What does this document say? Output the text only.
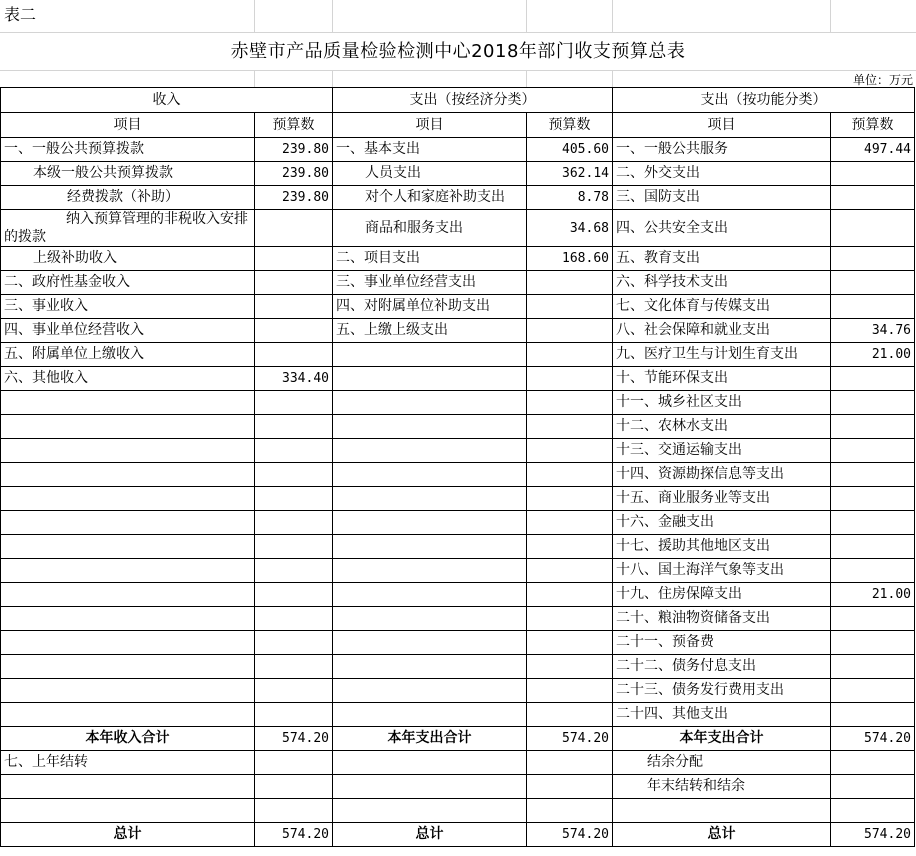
表二
赤壁市产品质量检验检测中心2018年部门收支预算总表
单位：万元
收入		支出（按经济分类）		支出（按功能分类）	
项目	预算数	项目	预算数	项目	预算数
一、一般公共预算拨款	239.80	一、基本支出	405.60	一、一般公共服务	497.44
本级一般公共预算拨款	239.80	人员支出	362.14	二、外交支出	
经费拨款（补助）	239.80	对个人和家庭补助支出	8.78	三、国防支出	
纳入预算管理的非税收入安排的拨款		商品和服务支出	34.68	四、公共安全支出	
上级补助收入		二、项目支出	168.60	五、教育支出	
二、政府性基金收入		三、事业单位经营支出		六、科学技术支出	
三、事业收入		四、对附属单位补助支出		七、文化体育与传媒支出	
四、事业单位经营收入		五、上缴上级支出		八、社会保障和就业支出	34.76
五、附属单位上缴收入				九、医疗卫生与计划生育支出	21.00
六、其他收入	334.40			十、节能环保支出	
				十一、城乡社区支出	
				十二、农林水支出	
				十三、交通运输支出	
				十四、资源勘探信息等支出	
				十五、商业服务业等支出	
				十六、金融支出	
				十七、援助其他地区支出	
				十八、国土海洋气象等支出	
				十九、住房保障支出	21.00
				二十、粮油物资储备支出	
				二十一、预备费	
				二十二、债务付息支出	
				二十三、债务发行费用支出	
				二十四、其他支出	
本年收入合计	574.20	本年支出合计	574.20	本年支出合计	574.20
七、上年结转				结余分配	
				年末结转和结余	

总计	574.20	总计	574.20	总计	574.20
